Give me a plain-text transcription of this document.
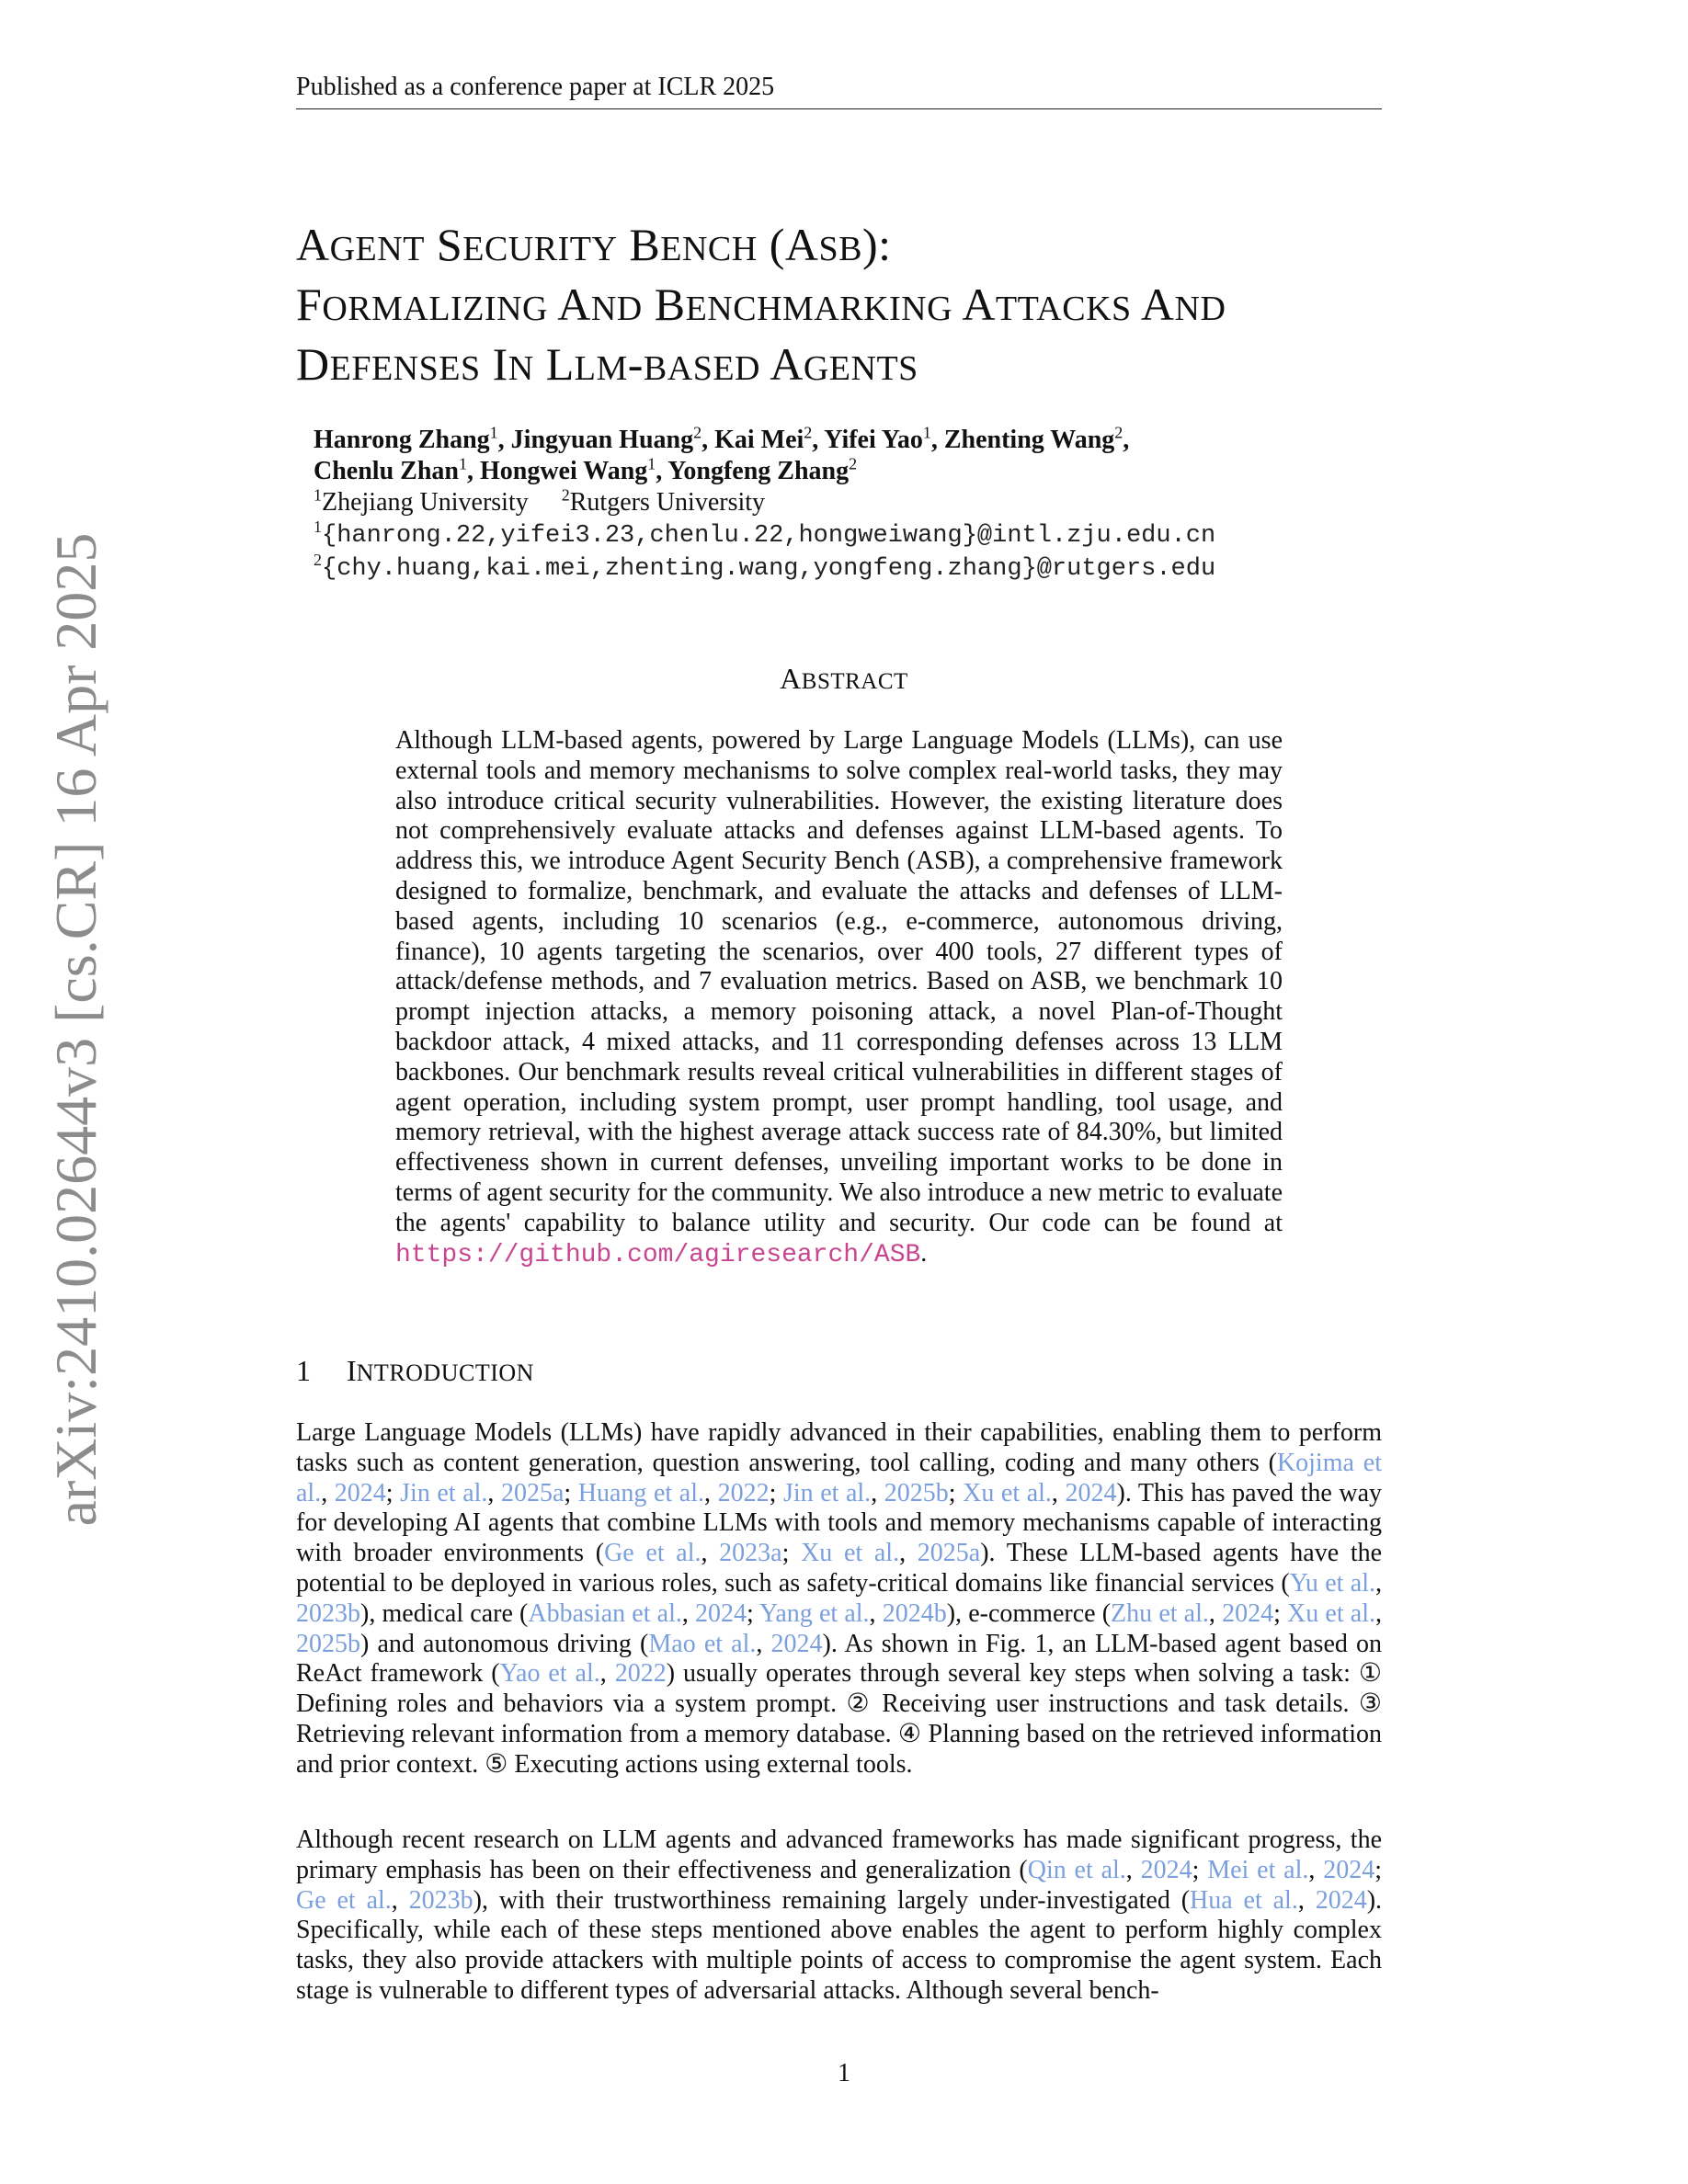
Published as a conference paper at ICLR 2025
arXiv:2410.02644v3 [cs.CR] 16 Apr 2025
AGENT SECURITY BENCH (ASB):
FORMALIZING AND BENCHMARKING ATTACKS AND
DEFENSES IN LLM-BASED AGENTS
Hanrong Zhang$^1$, Jingyuan Huang$^2$, Kai Mei$^2$, Yifei Yao$^1$, Zhenting Wang$^2$,
Chenlu Zhan$^1$, Hongwei Wang$^1$, Yongfeng Zhang$^2$
$^1$Zhejiang University $^2$Rutgers University
$^1${hanrong.22,yifei3.23,chenlu.22,hongweiwang}@intl.zju.edu.cn
$^2${chy.huang,kai.mei,zhenting.wang,yongfeng.zhang}@rutgers.edu
ABSTRACT
Although LLM-based agents, powered by Large Language Models (LLMs), can use external tools and memory mechanisms to solve complex real-world tasks, they may also introduce critical security vulnerabilities. However, the existing literature does not comprehensively evaluate attacks and defenses against LLM-based agents. To address this, we introduce Agent Security Bench (ASB), a comprehensive framework designed to formalize, benchmark, and evaluate the attacks and defenses of LLM-based agents, including 10 scenarios (e.g., e-commerce, autonomous driving, finance), 10 agents targeting the scenarios, over 400 tools, 27 different types of attack/defense methods, and 7 evaluation metrics. Based on ASB, we benchmark 10 prompt injection attacks, a memory poisoning attack, a novel Plan-of-Thought backdoor attack, 4 mixed attacks, and 11 corresponding defenses across 13 LLM backbones. Our benchmark results reveal critical vulnerabilities in different stages of agent operation, including system prompt, user prompt handling, tool usage, and memory retrieval, with the highest average attack success rate of 84.30%, but limited effectiveness shown in current defenses, unveiling important works to be done in terms of agent security for the community. We also introduce a new metric to evaluate the agents' capability to balance utility and security. Our code can be found at https://github.com/agiresearch/ASB.
1 INTRODUCTION
Large Language Models (LLMs) have rapidly advanced in their capabilities, enabling them to perform tasks such as content generation, question answering, tool calling, coding and many others (Kojima et al., 2024; Jin et al., 2025a; Huang et al., 2022; Jin et al., 2025b; Xu et al., 2024). This has paved the way for developing AI agents that combine LLMs with tools and memory mechanisms capable of interacting with broader environments (Ge et al., 2023a; Xu et al., 2025a). These LLM-based agents have the potential to be deployed in various roles, such as safety-critical domains like financial services (Yu et al., 2023b), medical care (Abbasian et al., 2024; Yang et al., 2024b), e-commerce (Zhu et al., 2024; Xu et al., 2025b) and autonomous driving (Mao et al., 2024). As shown in Fig. 1, an LLM-based agent based on ReAct framework (Yao et al., 2022) usually operates through several key steps when solving a task: ① Defining roles and behaviors via a system prompt. ② Receiving user instructions and task details. ③ Retrieving relevant information from a memory database. ④ Planning based on the retrieved information and prior context. ⑤ Executing actions using external tools.
Although recent research on LLM agents and advanced frameworks has made significant progress, the primary emphasis has been on their effectiveness and generalization (Qin et al., 2024; Mei et al., 2024; Ge et al., 2023b), with their trustworthiness remaining largely under-investigated (Hua et al., 2024). Specifically, while each of these steps mentioned above enables the agent to perform highly complex tasks, they also provide attackers with multiple points of access to compromise the agent system. Each stage is vulnerable to different types of adversarial attacks. Although several bench-
1
